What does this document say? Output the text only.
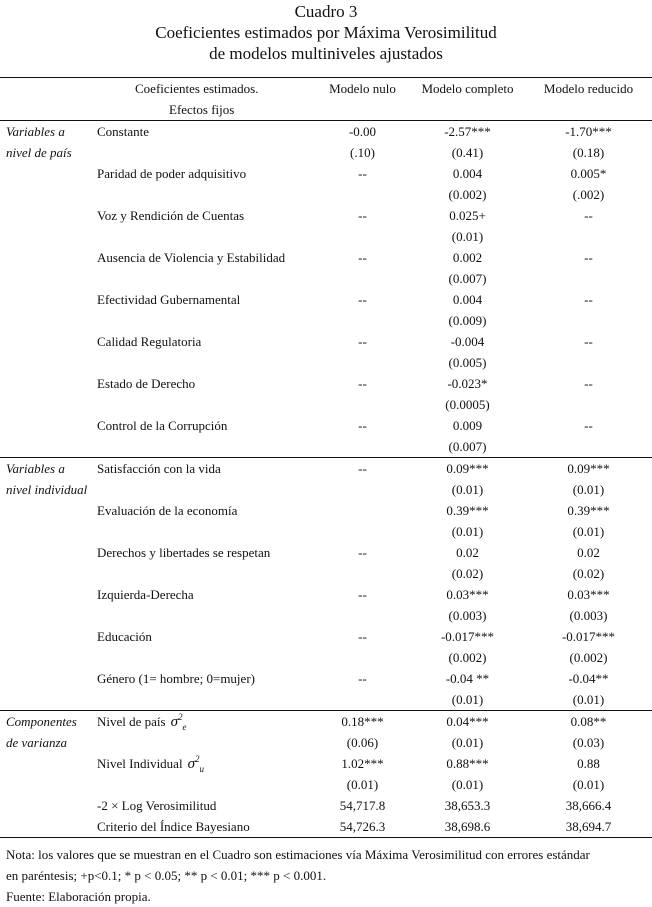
Cuadro 3
Coeficientes estimados por Máxima Verosimilitud
de modelos multiniveles ajustados
	Coeficientes estimados.	Modelo nulo	Modelo completo	Modelo reducido
	Efectos fijos			
Variables a	Constante	-0.00	-2.57***	-1.70***
nivel de país		(.10)	(0.41)	(0.18)
	Paridad de poder adquisitivo	--	0.004	0.005*
			(0.002)	(.002)
	Voz y Rendición de Cuentas	--	0.025+	--
			(0.01)	
	Ausencia de Violencia y Estabilidad	--	0.002	--
			(0.007)	
	Efectividad Gubernamental	--	0.004	--
			(0.009)	
	Calidad Regulatoria	--	-0.004	--
			(0.005)	
	Estado de Derecho	--	-0.023*	--
			(0.0005)	
	Control de la Corrupción	--	0.009	--
			(0.007)	
Variables a	Satisfacción con la vida	--	0.09***	0.09***
nivel individual			(0.01)	(0.01)
	Evaluación de la economía		0.39***	0.39***
			(0.01)	(0.01)
	Derechos y libertades se respetan	--	0.02	0.02
			(0.02)	(0.02)
	Izquierda-Derecha	--	0.03***	0.03***
			(0.003)	(0.003)
	Educación	--	-0.017***	-0.017***
			(0.002)	(0.002)
	Género (1= hombre; 0=mujer)	--	-0.04 **	-0.04**
			(0.01)	(0.01)
Componentes	Nivel de país $\sigma^2_e$	0.18***	0.04***	0.08**
de varianza		(0.06)	(0.01)	(0.03)
	Nivel Individual $\sigma^2_u$	1.02***	0.88***	0.88
		(0.01)	(0.01)	(0.01)
	-2 × Log Verosimilitud	54,717.8	38,653.3	38,666.4
	Criterio del Índice Bayesiano	54,726.3	38,698.6	38,694.7
Nota: los valores que se muestran en el Cuadro son estimaciones vía Máxima Verosimilitud con errores estándar
en paréntesis; +p<0.1; * p < 0.05; ** p < 0.01; *** p < 0.001.
Fuente: Elaboración propia.
